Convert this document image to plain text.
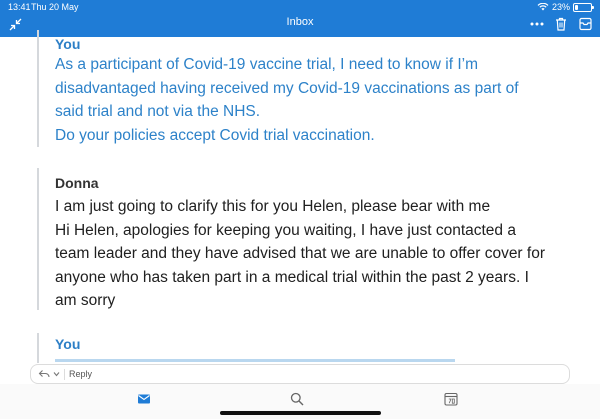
13:41 Thu 20 May	23%
Inbox
You
As a participant of Covid-19 vaccine trial, I need to know if I’m
disadvantaged having received my Covid-19 vaccinations as part of
said trial and not via the NHS.
Do your policies accept Covid trial vaccination.
Donna
I am just going to clarify this for you Helen, please bear with me
Hi Helen, apologies for keeping you waiting, I have just contacted a
team leader and they have advised that we are unable to offer cover for
anyone who has taken part in a medical trial within the past 2 years. I
am sorry
You
Reply
